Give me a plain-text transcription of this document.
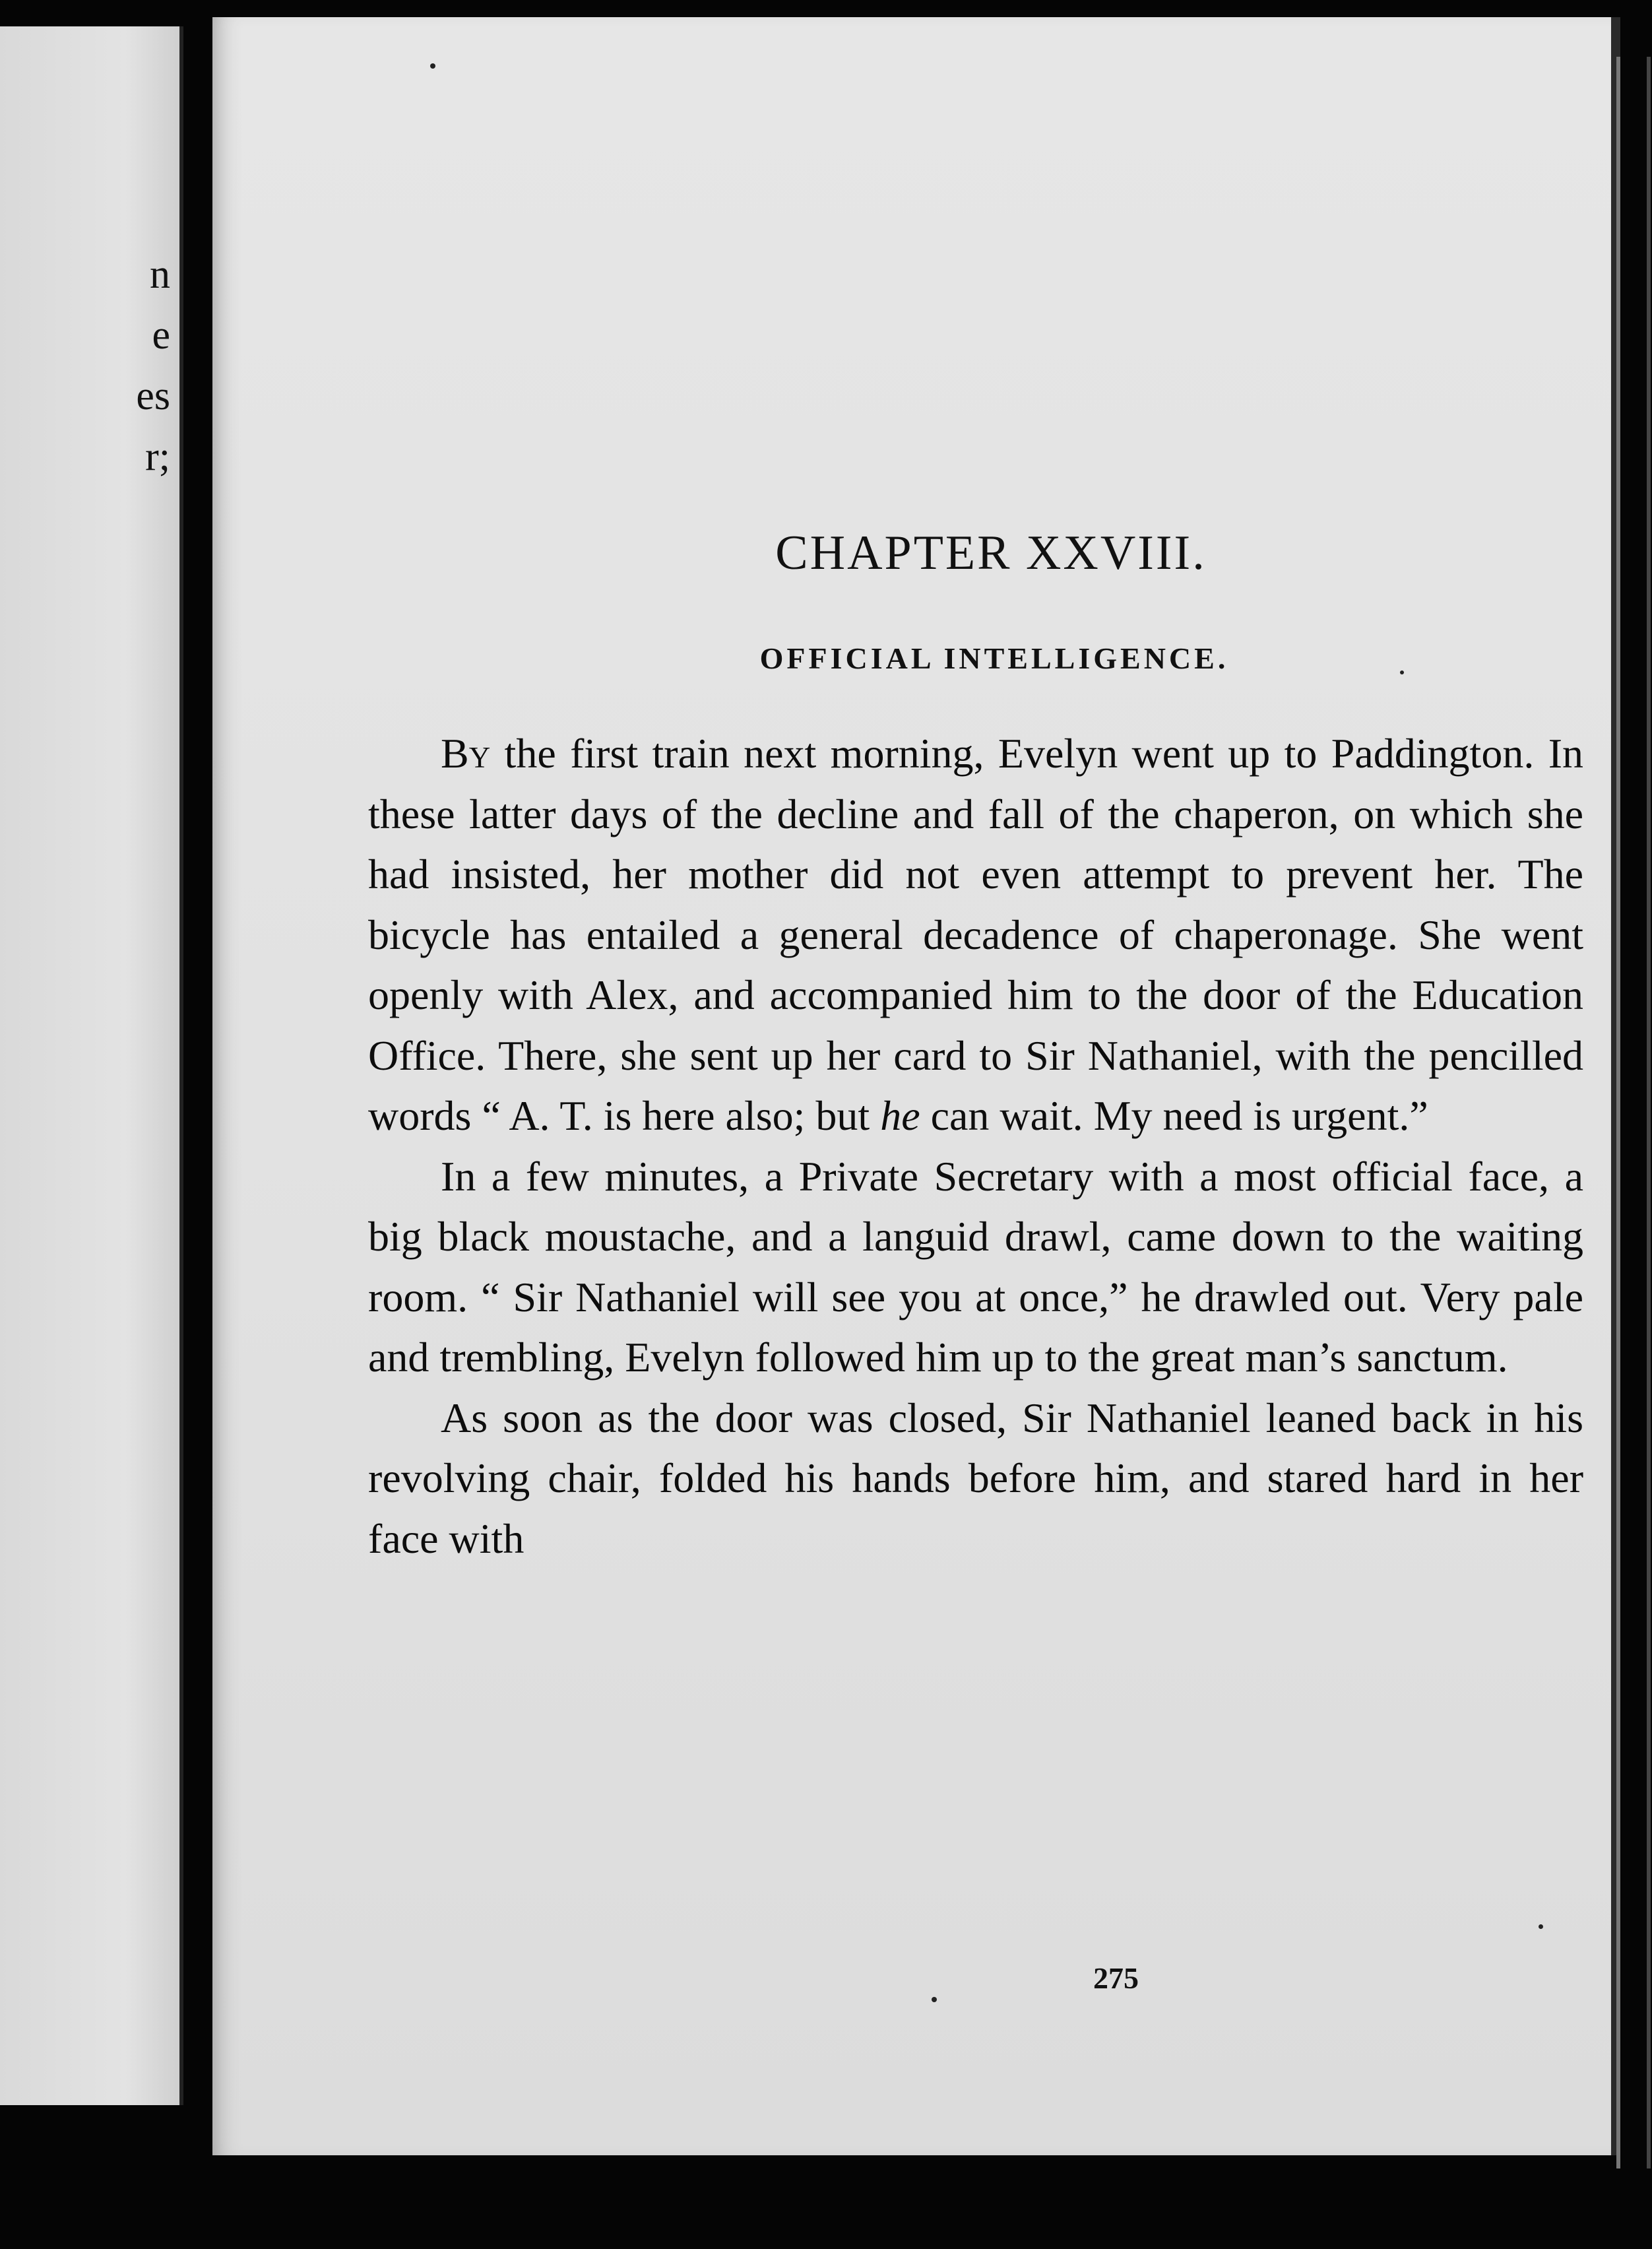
n
e
es
r;
CHAPTER XXVIII.
OFFICIAL INTELLIGENCE.

By the first train next morning, Evelyn went up to Paddington. In these latter days of the decline and fall of the chaperon, on which she had insisted, her mother did not even attempt to prevent her. The bicycle has entailed a general decadence of chaperonage. She went openly with Alex, and accompanied him to the door of the Education Office. There, she sent up her card to Sir Nathaniel, with the pencilled words “ A. T. is here also; but he can wait. My need is urgent.”

In a few minutes, a Private Secretary with a most official face, a big black moustache, and a languid drawl, came down to the waiting room. “ Sir Nathaniel will see you at once,” he drawled out. Very pale and trembling, Evelyn followed him up to the great man’s sanctum.

As soon as the door was closed, Sir Nathaniel leaned back in his revolving chair, folded his hands before him, and stared hard in her face with

275
